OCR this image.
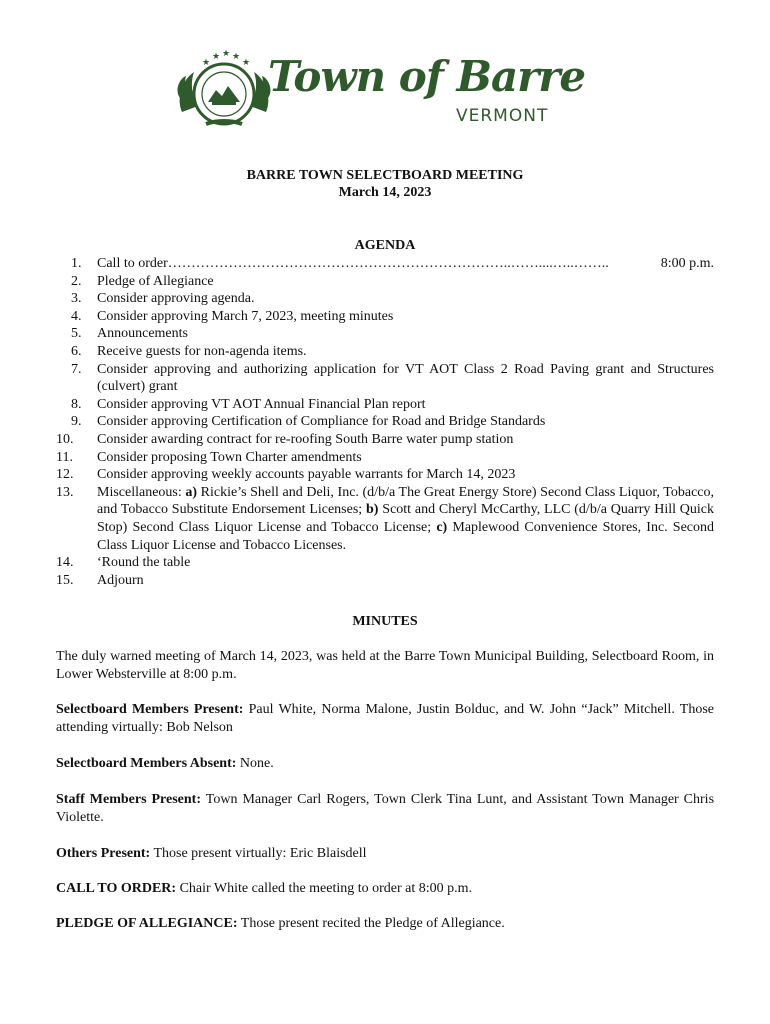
★ ★ ★
★	★ Town of Barre
VERMONT
BARRE TOWN SELECTBOARD MEETING
March 14, 2023
AGENDA
1. Call to order ………………………………………………………………..……....…..……..	8:00 p.m.
2. Pledge of Allegiance
3. Consider approving agenda.
4. Consider approving March 7, 2023, meeting minutes
5. Announcements
6. Receive guests for non-agenda items.
7. Consider approving and authorizing application for VT AOT Class 2 Road Paving grant and Structures (culvert) grant
8. Consider approving VT AOT Annual Financial Plan report
9. Consider approving Certification of Compliance for Road and Bridge Standards
10. Consider awarding contract for re-roofing South Barre water pump station
11. Consider proposing Town Charter amendments
12. Consider approving weekly accounts payable warrants for March 14, 2023
13. Miscellaneous: a) Rickie’s Shell and Deli, Inc. (d/b/a The Great Energy Store) Second Class Liquor, Tobacco, and Tobacco Substitute Endorsement Licenses; b) Scott and Cheryl McCarthy, LLC (d/b/a Quarry Hill Quick Stop) Second Class Liquor License and Tobacco License; c) Maplewood Convenience Stores, Inc. Second Class Liquor License and Tobacco Licenses.
14. ‘Round the table
15. Adjourn
MINUTES
The duly warned meeting of March 14, 2023, was held at the Barre Town Municipal Building, Selectboard Room, in Lower Websterville at 8:00 p.m.
Selectboard Members Present: Paul White, Norma Malone, Justin Bolduc, and W. John “Jack” Mitchell. Those attending virtually: Bob Nelson
Selectboard Members Absent: None.
Staff Members Present: Town Manager Carl Rogers, Town Clerk Tina Lunt, and Assistant Town Manager Chris Violette.
Others Present: Those present virtually: Eric Blaisdell
CALL TO ORDER: Chair White called the meeting to order at 8:00 p.m.
PLEDGE OF ALLEGIANCE: Those present recited the Pledge of Allegiance.
